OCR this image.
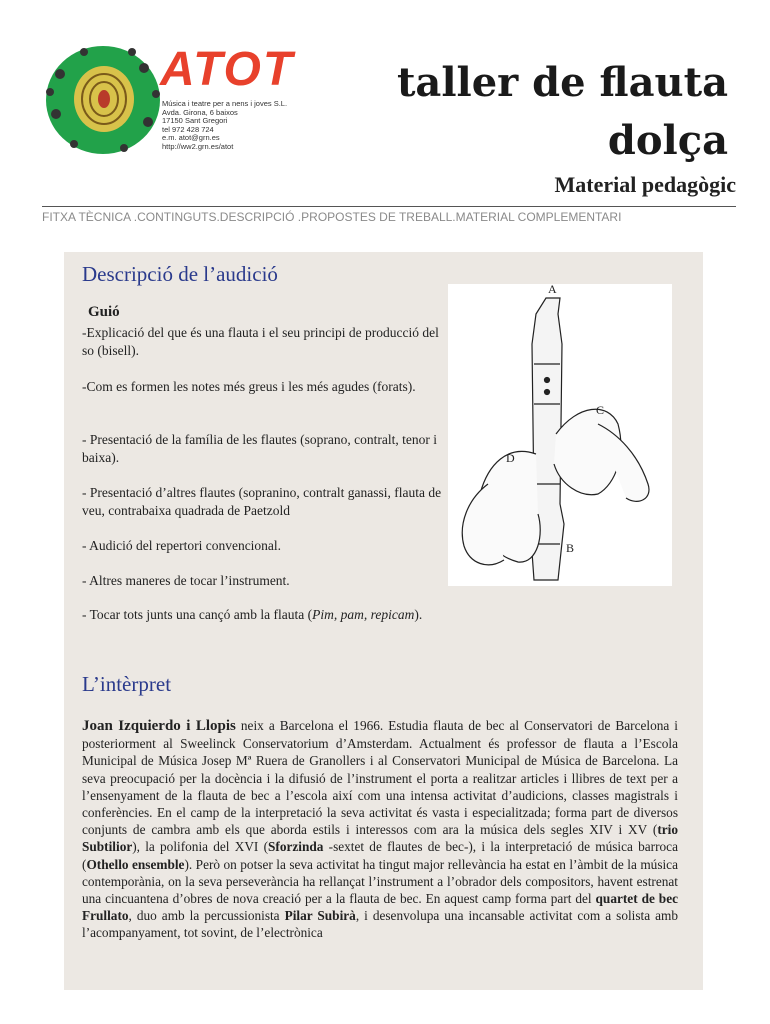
ATOT
Música i teatre per a nens i joves S.L.
Avda. Girona, 6 baixos
17150 Sant Gregori
tel 972 428 724
e.m. atot@grn.es
http://ww2.grn.es/atot
taller de flauta
dolça
Material pedagògic
FITXA TÈCNICA .CONTINGUTS.DESCRIPCIÓ .PROPOSTES DE TREBALL.MATERIAL COMPLEMENTARI
Descripció de l’audició
Guió
-Explicació del que és una flauta i el seu principi de producció del so (bisell).
-Com es formen les notes més greus i les més agudes (forats).
- Presentació de la família de les flautes (soprano, contralt, tenor i baixa).
- Presentació d’altres flautes (sopranino, contralt ganassi, flauta de veu, contrabaixa quadrada de Paetzold
- Audició del repertori convencional.
- Altres maneres de tocar l’instrument.
- Tocar tots junts una cançó amb la flauta (Pim, pam, repicam).
A
B
C
D
L’intèrpret
Joan Izquierdo i Llopis neix a Barcelona el 1966. Estudia flauta de bec al Conservatori de Barcelona i posteriorment al Sweelinck Conservatorium d’Amsterdam. Actualment és professor de flauta a l’Escola Municipal de Música Josep Mª Ruera de Granollers i al Conservatori Municipal de Música de Barcelona. La seva preocupació per la docència i la difusió de l’instrument el porta a realitzar articles i llibres de text per a l’ensenyament de la flauta de bec a l’escola així com una intensa activitat d’audicions, classes magistrals i conferències. En el camp de la interpretació la seva activitat és vasta i especialitzada; forma part de diversos conjunts de cambra amb els que aborda estils i interessos com ara la música dels segles XIV i XV (trio Subtilior), la polifonia del XVI (Sforzinda -sextet de flautes de bec-), i la interpretació de música barroca (Othello ensemble). Però on potser la seva activitat ha tingut major rellevància ha estat en l’àmbit de la música contemporània, on la seva perseverància ha rellançat l’instrument a l’obrador dels compositors, havent estrenat una cincuantena d’obres de nova creació per a la flauta de bec. En aquest camp forma part del quartet de bec Frullato, duo amb la percussionista Pilar Subirà, i desenvolupa una incansable activitat com a solista amb l’acompanyament, tot sovint, de l’electrònica
